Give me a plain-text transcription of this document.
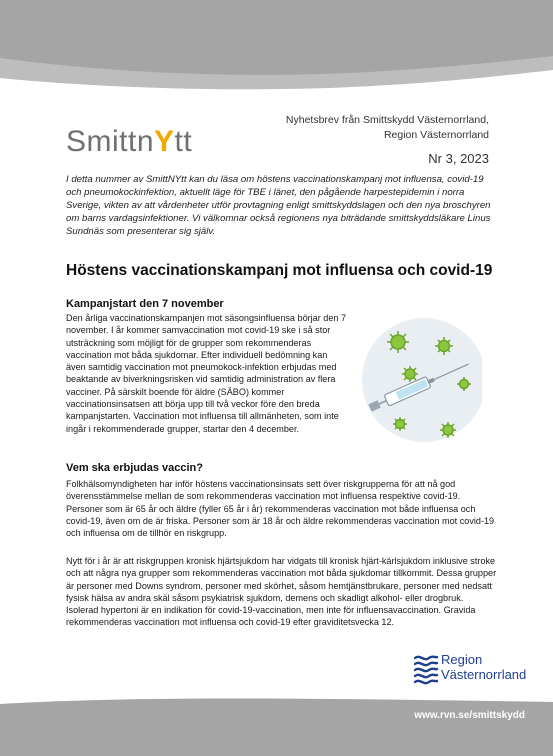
SmittnYtt
Nyhetsbrev från Smittskydd Västernorrland,
Region Västernorrland
Nr 3, 2023
I detta nummer av SmittNYtt kan du läsa om höstens vaccinationskampanj mot influensa, covid-19 och pneumokockinfektion, aktuellt läge för TBE i länet, den pågående harpestepidemin i norra Sverige, vikten av att vårdenheter utför provtagning enligt smittskyddslagen och den nya broschyren om barns vardagsinfektioner. Vi välkomnar också regionens nya biträdande smittskyddsläkare Linus Sundnäs som presenterar sig själv.
Höstens vaccinationskampanj mot influensa och covid-19
Kampanjstart den 7 november
Den årliga vaccinationskampanjen mot säsongsinfluensa börjar den 7 november. I år kommer samvaccination mot covid-19 ske i så stor utsträckning som möjligt för de grupper som rekommenderas vaccination mot båda sjukdomar. Efter individuell bedömning kan även samtidig vaccination mot pneumokock-infektion erbjudas med beaktande av biverkningsrisken vid samtidig administration av flera vacciner. På särskilt boende för äldre (SÄBO) kommer vaccinationsinsatsen att börja upp till två veckor före den breda kampanjstarten. Vaccination mot influensa till allmänheten, som inte ingår i rekommenderade grupper, startar den 4 december.
Vem ska erbjudas vaccin?
Folkhälsomyndigheten har inför höstens vaccinationsinsats sett över riskgrupperna för att nå god överensstämmelse mellan de som rekommenderas vaccination mot influensa respektive covid-19. Personer som är 65 år och äldre (fyller 65 år i år) rekommenderas vaccination mot både influensa och covid-19, även om de är friska. Personer som är 18 år och äldre rekommenderas vaccination mot covid-19 och influensa om de tillhör en riskgrupp.
Nytt för i år är att riskgruppen kronisk hjärtsjukdom har vidgats till kronisk hjärt-kärlsjukdom inklusive stroke och att några nya grupper som rekommenderas vaccination mot båda sjukdomar tillkommit. Dessa grupper är personer med Downs syndrom, personer med skörhet, såsom hemtjänstbrukare, personer med nedsatt fysisk hälsa av andra skäl såsom psykiatrisk sjukdom, demens och skadligt alkohol- eller drogbruk. Isolerad hypertoni är en indikation för covid-19-vaccination, men inte för influensavaccination. Gravida rekommenderas vaccination mot influensa och covid-19 efter graviditetsvecka 12.
Region
Västernorrland
www.rvn.se/smittskydd
